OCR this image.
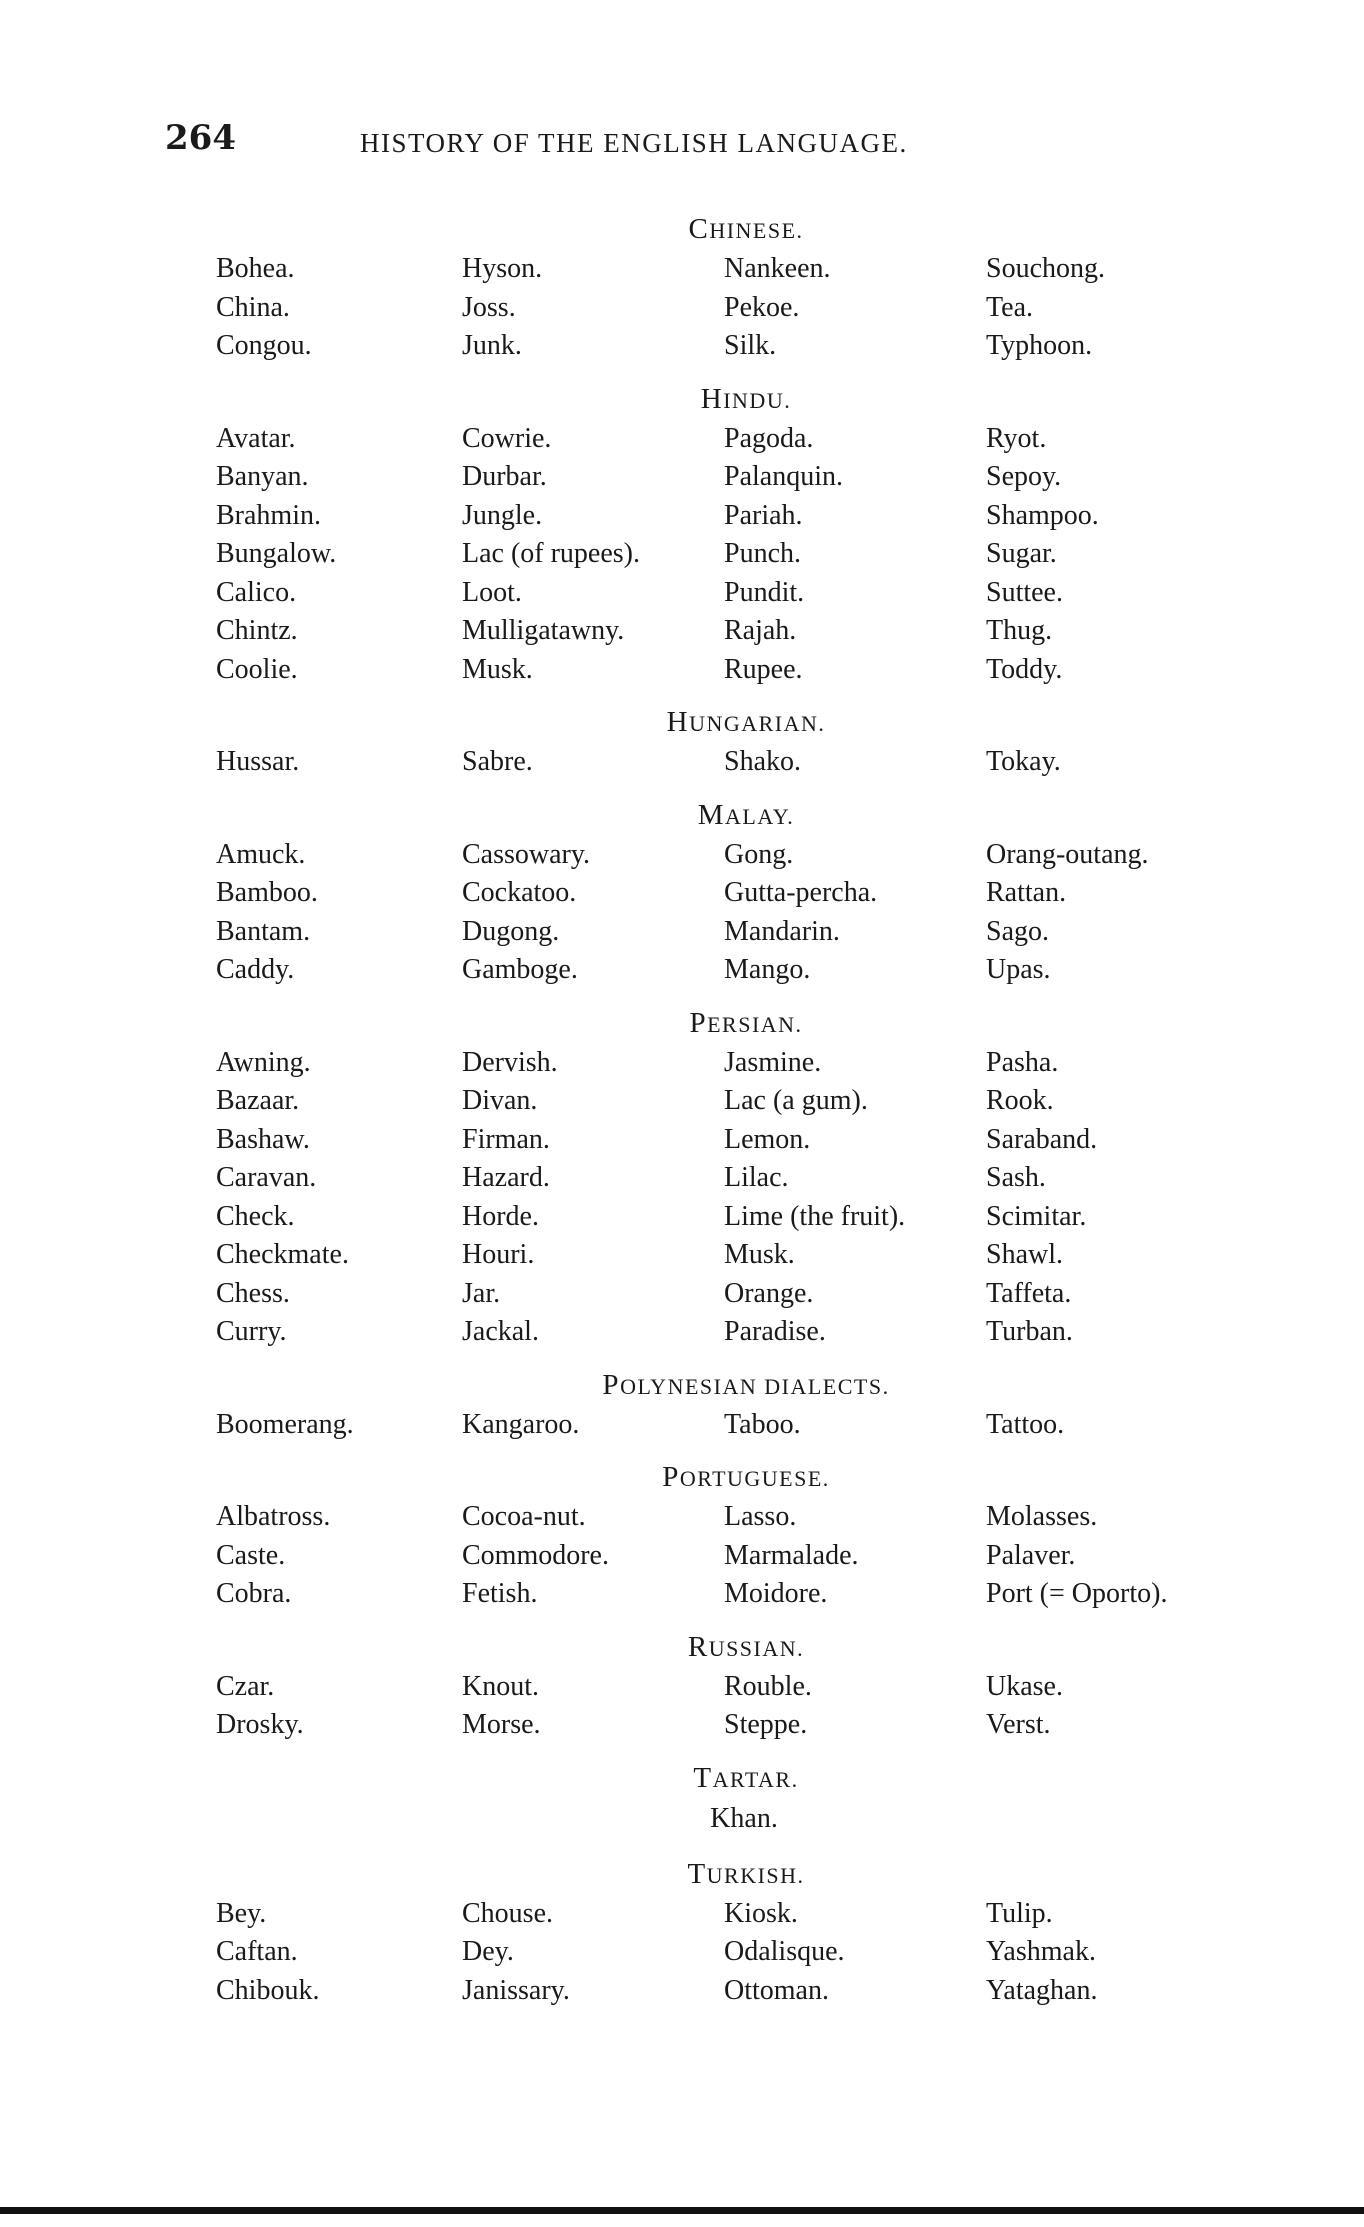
264	HISTORY OF THE ENGLISH LANGUAGE.
CHINESE.
Bohea.	Hyson.	Nankeen.	Souchong.
China.	Joss.	Pekoe.	Tea.
Congou.	Junk.	Silk.	Typhoon.
HINDU.
Avatar.	Cowrie.	Pagoda.	Ryot.
Banyan.	Durbar.	Palanquin.	Sepoy.
Brahmin.	Jungle.	Pariah.	Shampoo.
Bungalow.	Lac (of rupees).	Punch.	Sugar.
Calico.	Loot.	Pundit.	Suttee.
Chintz.	Mulligatawny.	Rajah.	Thug.
Coolie.	Musk.	Rupee.	Toddy.
HUNGARIAN.
Hussar.	Sabre.	Shako.	Tokay.
MALAY.
Amuck.	Cassowary.	Gong.	Orang-outang.
Bamboo.	Cockatoo.	Gutta-percha.	Rattan.
Bantam.	Dugong.	Mandarin.	Sago.
Caddy.	Gamboge.	Mango.	Upas.
PERSIAN.
Awning.	Dervish.	Jasmine.	Pasha.
Bazaar.	Divan.	Lac (a gum).	Rook.
Bashaw.	Firman.	Lemon.	Saraband.
Caravan.	Hazard.	Lilac.	Sash.
Check.	Horde.	Lime (the fruit).	Scimitar.
Checkmate.	Houri.	Musk.	Shawl.
Chess.	Jar.	Orange.	Taffeta.
Curry.	Jackal.	Paradise.	Turban.
POLYNESIAN DIALECTS.
Boomerang.	Kangaroo.	Taboo.	Tattoo.
PORTUGUESE.
Albatross.	Cocoa-nut.	Lasso.	Molasses.
Caste.	Commodore.	Marmalade.	Palaver.
Cobra.	Fetish.	Moidore.	Port (= Oporto).
RUSSIAN.
Czar.	Knout.	Rouble.	Ukase.
Drosky.	Morse.	Steppe.	Verst.
TARTAR.
Khan.
TURKISH.
Bey.	Chouse.	Kiosk.	Tulip.
Caftan.	Dey.	Odalisque.	Yashmak.
Chibouk.	Janissary.	Ottoman.	Yataghan.
